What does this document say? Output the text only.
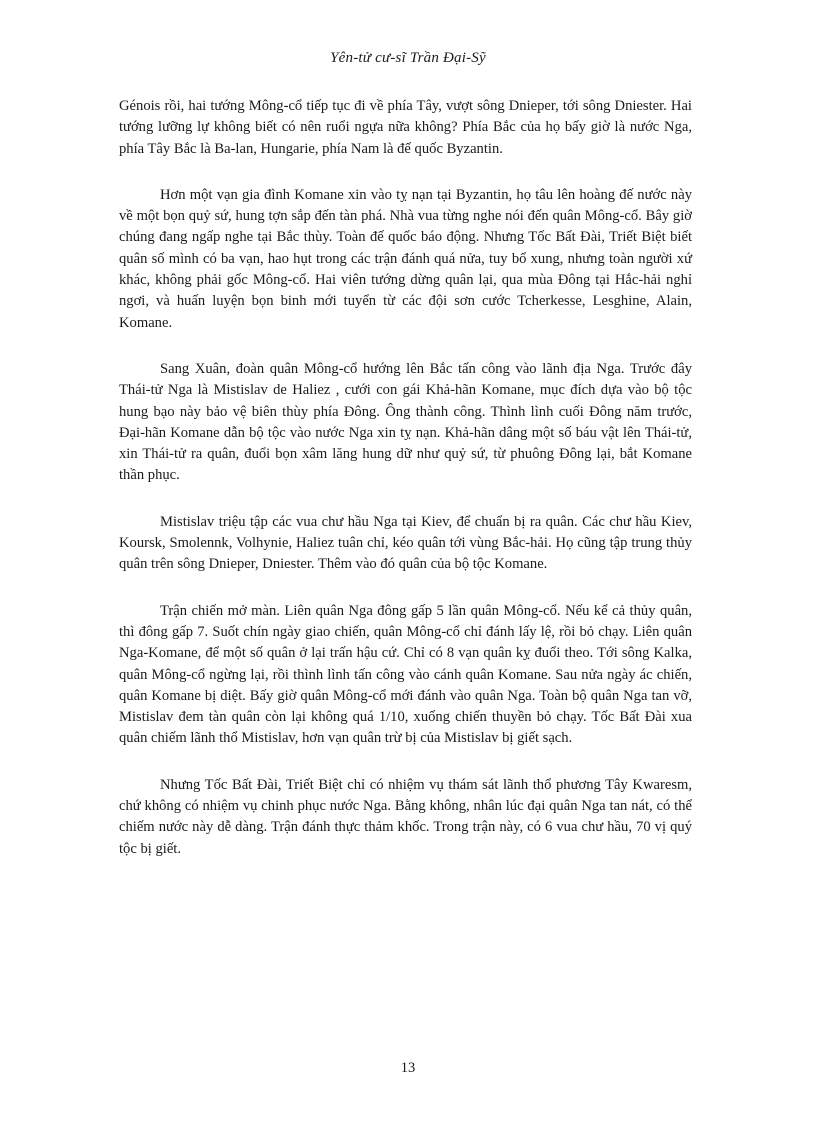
Yên-tử cư-sĩ Trần Đại-Sỹ

Génois rồi, hai tướng Mông-cổ tiếp tục đi về phía Tây, vượt sông Dnieper, tới sông Dniester. Hai tướng lưỡng lự không biết có nên ruổi ngựa nữa không? Phía Bắc của họ bấy giờ là nước Nga, phía Tây Bắc là Ba-lan, Hungarie, phía Nam là đế quốc Byzantin.

Hơn một vạn gia đình Komane xin vào tỵ nạn tại Byzantin, họ tâu lên hoàng đế nước này về một bọn quỷ sứ, hung tợn sắp đến tàn phá. Nhà vua từng nghe nói đến quân Mông-cổ. Bây giờ chúng đang ngấp nghe tại Bắc thùy. Toàn đế quốc báo động. Nhưng Tốc Bất Đài, Triết Biệt biết quân số mình có ba vạn, hao hụt trong các trận đánh quá nửa, tuy bổ xung, nhưng toàn người xứ khác, không phải gốc Mông-cổ. Hai viên tướng dừng quân lại, qua mùa Đông tại Hắc-hải nghỉ ngơi, và huấn luyện bọn binh mới tuyển từ các đội sơn cước Tcherkesse, Lesghine, Alain, Komane.

Sang Xuân, đoàn quân Mông-cổ hướng lên Bắc tấn công vào lãnh địa Nga. Trước đây Thái-tử Nga là Mistislav de Haliez , cưới con gái Khả-hãn Komane, mục đích dựa vào bộ tộc hung bạo này bảo vệ biên thùy phía Đông. Ông thành công. Thình lình cuối Đông năm trước, Đại-hãn Komane dẫn bộ tộc vào nước Nga xin tỵ nạn. Khả-hãn dâng một số báu vật lên Thái-tử, xin Thái-tử ra quân, đuổi bọn xâm lăng hung dữ như quỷ sứ, từ phuông Đông lại, bắt Komane thần phục.

Mistislav triệu tập các vua chư hầu Nga tại Kiev, để chuẩn bị ra quân. Các chư hầu Kiev, Koursk, Smolennk, Volhynie, Haliez tuân chỉ, kéo quân tới vùng Bắc-hải. Họ cũng tập trung thủy quân trên sông Dnieper, Dniester. Thêm vào đó quân của bộ tộc Komane.

Trận chiến mở màn. Liên quân Nga đông gấp 5 lần quân Mông-cổ. Nếu kể cả thủy quân, thì đông gấp 7. Suốt chín ngày giao chiến, quân Mông-cổ chỉ đánh lấy lệ, rồi bỏ chạy. Liên quân Nga-Komane, để một số quân ở lại trấn hậu cứ. Chỉ có 8 vạn quân kỵ đuổi theo. Tới sông Kalka, quân Mông-cổ ngừng lại, rồi thình lình tấn công vào cánh quân Komane. Sau nửa ngày ác chiến, quân Komane bị diệt. Bấy giờ quân Mông-cổ mới đánh vào quân Nga. Toàn bộ quân Nga tan vỡ, Mistislav đem tàn quân còn lại không quá 1/10, xuống chiến thuyền bỏ chạy. Tốc Bất Đài xua quân chiếm lãnh thổ Mistislav, hơn vạn quân trừ bị của Mistislav bị giết sạch.

Nhưng Tốc Bất Đài, Triết Biệt chỉ có nhiệm vụ thám sát lãnh thổ phương Tây Kwaresm, chứ không có nhiệm vụ chinh phục nước Nga. Bằng không, nhân lúc đại quân Nga tan nát, có thể chiếm nước này dễ dàng. Trận đánh thực thảm khốc. Trong trận này, có 6 vua chư hầu, 70 vị quý tộc bị giết.

13
